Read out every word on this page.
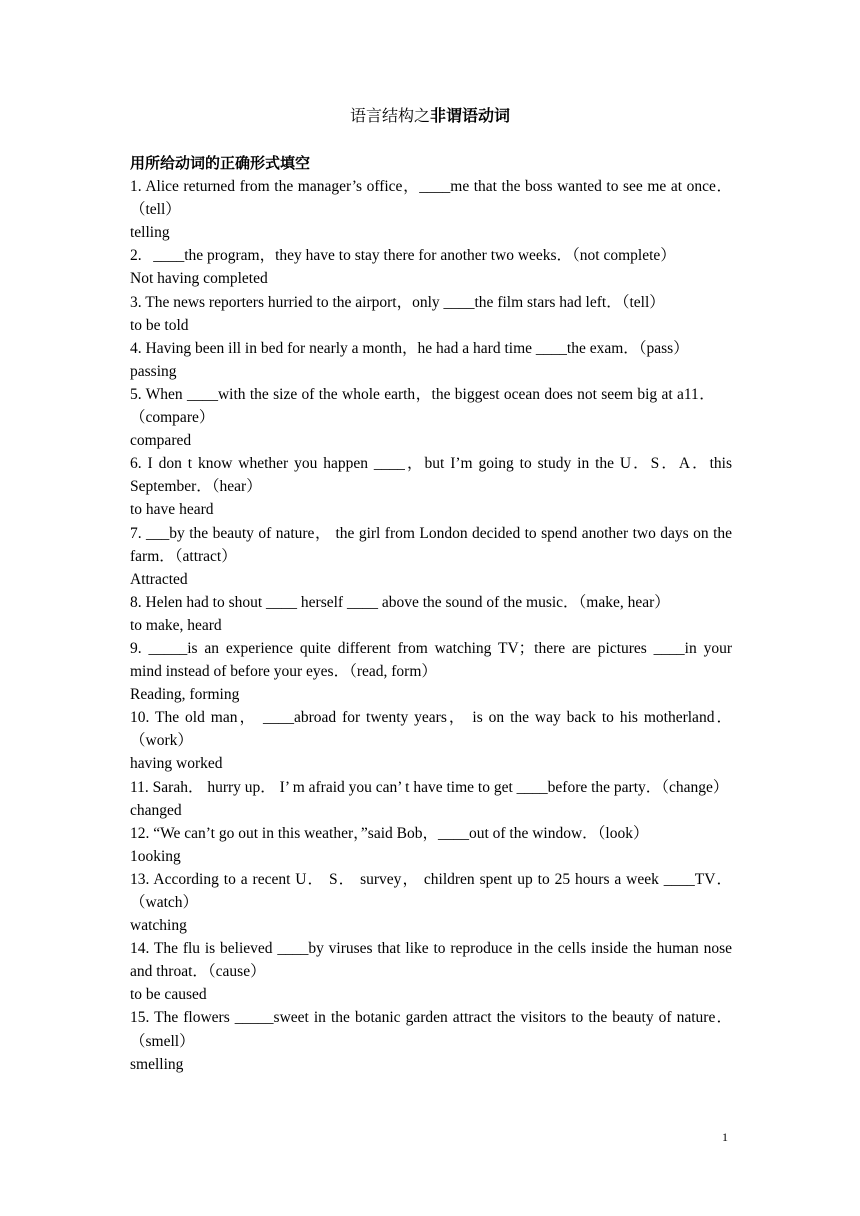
语言结构之非谓语动词
用所给动词的正确形式填空

1. Alice returned from the manager’s office，____me that the boss wanted to see me at once．（tell）

telling

2.   ____the program，they have to stay there for another two weeks．（not complete）

Not having completed

3. The news reporters hurried to the airport，only ____the film stars had left．（tell）

to be told

4. Having been ill in bed for nearly a month，he had a hard time ____the exam．（pass）

passing

5. When ____with the size of the whole earth，the biggest ocean does not seem big at a11．     （compare）

compared

6. I don t know whether you happen ____，but I’m going to study in the U．S．A．this September．（hear）

to have heard

7. ___by the beauty of nature， the girl from London decided to spend another two days on the farm．（attract）

Attracted

8. Helen had to shout ____ herself ____ above the sound of the music．（make, hear）

to make, heard

9. _____is an experience quite different from watching TV；there are pictures ____in your mind instead of before your eyes．（read, form）

Reading, forming

10. The old man， ____abroad for twenty years， is on the way back to his motherland．（work）

having worked

11. Sarah． hurry up． I’ m afraid you can’ t have time to get ____before the party．（change）

changed

12. “We can’t go out in this weather，”said Bob，____out of the window．（look）

1ooking

13. According to a recent U． S． survey， children spent up to 25 hours a week ____TV．（watch）

watching

14. The flu is believed ____by viruses that like to reproduce in the cells inside the human nose and throat．（cause）

to be caused

15. The flowers _____sweet in the botanic garden attract the visitors to the beauty of nature．（smell）

smelling

1
